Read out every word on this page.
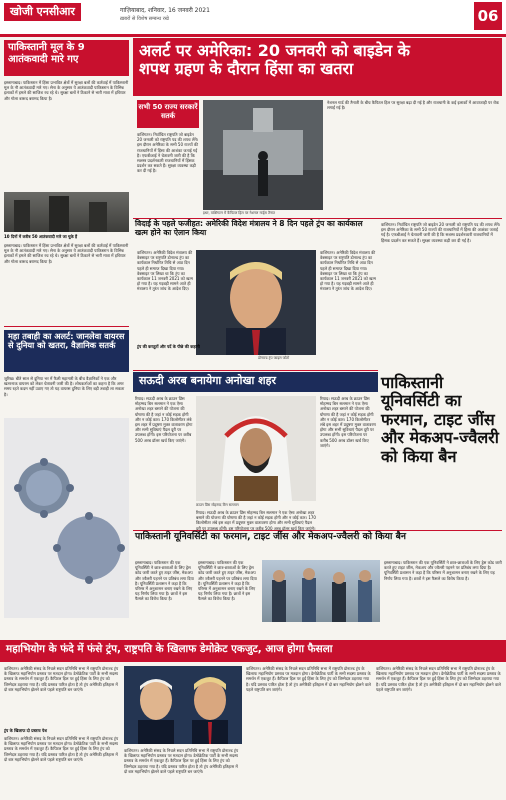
खोजी एनसीआर	गाज़ियाबाद, शनिवार, 16 जनवरी 2021
ख़बरों से विशेष सम्बन्ध रखे	06
पाकिस्तानी मूल के 9 आतंकवादी मारे गए
इस्लामाबाद। पाकिस्तान में हिंसा प्रभावित क्षेत्रों में सुरक्षा बलों की कार्रवाई में पाकिस्तानी मूल के नौ आतंकवादी मारे गए। सेना के अनुसार ये आतंकवादी पाकिस्तान के विभिन्न इलाकों में हमले की साजिश रच रहे थे। सुरक्षा बलों ने ठिकाने से भारी मात्रा में हथियार और गोला बारूद बरामद किया है।
10 दिनों में करीब 50 आतंकवादी मारे जा चुके हैं
इस्लामाबाद। पाकिस्तान में हिंसा प्रभावित क्षेत्रों में सुरक्षा बलों की कार्रवाई में पाकिस्तानी मूल के नौ आतंकवादी मारे गए। सेना के अनुसार ये आतंकवादी पाकिस्तान के विभिन्न इलाकों में हमले की साजिश रच रहे थे। सुरक्षा बलों ने ठिकाने से भारी मात्रा में हथियार और गोला बारूद बरामद किया है।
महा तबाही का अलर्ट: जानलेवा वायरस से दुनिया को खतरा, वैज्ञानिक सतर्क
जुरिख। बीते साल से दुनिया भर में फैली महामारी के बीच वैज्ञानिकों ने एक और खतरनाक वायरस को लेकर चेतावनी जारी की है। शोधकर्ताओं का कहना है कि अगर समय रहते कदम नहीं उठाए गए तो यह वायरस दुनिया के लिए बड़ी तबाही ला सकता है।
अलर्ट पर अमेरिका: 20 जनवरी को बाइडेन के
शपथ ग्रहण के दौरान हिंसा का खतरा
सभी 50 राज्य सरकारें सतर्क
वाशिंगटन। निर्वाचित राष्ट्रपति जो बाइडेन 20 जनवरी को राष्ट्रपति पद की शपथ लेंगे। इस दौरान अमेरिका के सभी 50 राज्यों की राजधानियों में हिंसा की आशंका जताई गई है। एफबीआई ने चेतावनी जारी की है कि सशस्त्र प्रदर्शनकारी राजधानियों में हिंसक प्रदर्शन कर सकते हैं। सुरक्षा व्यवस्था कड़ी कर दी गई है।
इधर, वाशिंगटन में कैपिटल हिल पर नेशनल गार्ड्स तैनात
नेशनल गार्ड की तैनाती के बीच कैपिटल हिल पर सुरक्षा बढ़ा दी गई है और राजधानी के कई इलाकों में आवाजाही पर रोक लगाई गई है।
विदाई के पहले फजीहत: अमेरिकी विदेश मंत्रालय ने 8 दिन पहले ट्रंप का कार्यकाल खत्म होने का ऐलान किया
वाशिंगटन। अमेरिकी विदेश मंत्रालय की वेबसाइट पर राष्ट्रपति डोनाल्ड ट्रंप का कार्यकाल निर्धारित तिथि से आठ दिन पहले ही समाप्त दिखा दिया गया। वेबसाइट पर लिखा था कि ट्रंप का कार्यकाल 11 जनवरी 2021 को खत्म हो गया है। यह गड़बड़ी सामने आते ही मंत्रालय ने तुरंत जांच के आदेश दिए।
डोनाल्ड ट्रंप फाइल फोटो
वाशिंगटन। अमेरिकी विदेश मंत्रालय की वेबसाइट पर राष्ट्रपति डोनाल्ड ट्रंप का कार्यकाल निर्धारित तिथि से आठ दिन पहले ही समाप्त दिखा दिया गया। वेबसाइट पर लिखा था कि ट्रंप का कार्यकाल 11 जनवरी 2021 को खत्म हो गया है। यह गड़बड़ी सामने आते ही मंत्रालय ने तुरंत जांच के आदेश दिए।
ट्रंप की करतूतों और पर्दे के पीछे की कहानी
वाशिंगटन। निर्वाचित राष्ट्रपति जो बाइडेन 20 जनवरी को राष्ट्रपति पद की शपथ लेंगे। इस दौरान अमेरिका के सभी 50 राज्यों की राजधानियों में हिंसा की आशंका जताई गई है। एफबीआई ने चेतावनी जारी की है कि सशस्त्र प्रदर्शनकारी राजधानियों में हिंसक प्रदर्शन कर सकते हैं। सुरक्षा व्यवस्था कड़ी कर दी गई है।
सऊदी अरब बनायेगा अनोखा शहर
रियाद। सऊदी अरब के क्राउन प्रिंस मोहम्मद बिन सलमान ने एक ऐसा अनोखा शहर बसाने की योजना की घोषणा की है जहां न कोई सड़क होगी और न कोई कार। 170 किलोमीटर लंबे इस शहर में प्रदूषण मुक्त वातावरण होगा और सभी सुविधाएं पैदल दूरी पर उपलब्ध होंगी। इस परियोजना पर करीब 500 अरब डॉलर खर्च किए जाएंगे।
क्राउन प्रिंस मोहम्मद बिन सलमान
रियाद। सऊदी अरब के क्राउन प्रिंस मोहम्मद बिन सलमान ने एक ऐसा अनोखा शहर बसाने की योजना की घोषणा की है जहां न कोई सड़क होगी और न कोई कार। 170 किलोमीटर लंबे इस शहर में प्रदूषण मुक्त वातावरण होगा और सभी सुविधाएं पैदल दूरी पर उपलब्ध होंगी। इस परियोजना पर करीब 500 अरब डॉलर खर्च किए जाएंगे।
रियाद। सऊदी अरब के क्राउन प्रिंस मोहम्मद बिन सलमान ने एक ऐसा अनोखा शहर बसाने की योजना की घोषणा की है जहां न कोई सड़क होगी और न कोई कार। 170 किलोमीटर लंबे इस शहर में प्रदूषण मुक्त वातावरण होगा और सभी सुविधाएं पैदल दूरी पर उपलब्ध होंगी। इस परियोजना पर करीब 500 अरब डॉलर खर्च किए जाएंगे।
पाकिस्तानी यूनिवर्सिटी का फरमान, टाइट जींस और मेकअप-ज्वैलरी को किया बैन
पाकिस्तानी यूनिवर्सिटी का फरमान, टाइट जींस और मेकअप-ज्वैलरी को किया बैन
इस्लामाबाद। पाकिस्तान की एक यूनिवर्सिटी ने छात्र-छात्राओं के लिए ड्रेस कोड जारी करते हुए टाइट जींस, मेकअप और ज्वैलरी पहनने पर प्रतिबंध लगा दिया है। यूनिवर्सिटी प्रशासन ने कहा है कि परिसर में अनुशासन बनाए रखने के लिए यह निर्णय लिया गया है। छात्रों ने इस फैसले का विरोध किया है।
इस्लामाबाद। पाकिस्तान की एक यूनिवर्सिटी ने छात्र-छात्राओं के लिए ड्रेस कोड जारी करते हुए टाइट जींस, मेकअप और ज्वैलरी पहनने पर प्रतिबंध लगा दिया है। यूनिवर्सिटी प्रशासन ने कहा है कि परिसर में अनुशासन बनाए रखने के लिए यह निर्णय लिया गया है। छात्रों ने इस फैसले का विरोध किया है।
इस्लामाबाद। पाकिस्तान की एक यूनिवर्सिटी ने छात्र-छात्राओं के लिए ड्रेस कोड जारी करते हुए टाइट जींस, मेकअप और ज्वैलरी पहनने पर प्रतिबंध लगा दिया है। यूनिवर्सिटी प्रशासन ने कहा है कि परिसर में अनुशासन बनाए रखने के लिए यह निर्णय लिया गया है। छात्रों ने इस फैसले का विरोध किया है।
महाभियोग के फंदे में फंसे ट्रंप, राष्ट्रपति के खिलाफ डेमोक्रेट एकजुट, आज होगा फैसला
वाशिंगटन। अमेरिकी संसद के निचले सदन प्रतिनिधि सभा में राष्ट्रपति डोनाल्ड ट्रंप के खिलाफ महाभियोग प्रस्ताव पर मतदान होगा। डेमोक्रेटिक पार्टी के सभी सदस्य प्रस्ताव के समर्थन में एकजुट हैं। कैपिटल हिल पर हुई हिंसा के लिए ट्रंप को जिम्मेदार ठहराया गया है। यदि प्रस्ताव पारित होता है तो ट्रंप अमेरिकी इतिहास में दो बार महाभियोग झेलने वाले पहले राष्ट्रपति बन जाएंगे।
ट्रंप के खिलाफ दो प्रस्ताव पेश
वाशिंगटन। अमेरिकी संसद के निचले सदन प्रतिनिधि सभा में राष्ट्रपति डोनाल्ड ट्रंप के खिलाफ महाभियोग प्रस्ताव पर मतदान होगा। डेमोक्रेटिक पार्टी के सभी सदस्य प्रस्ताव के समर्थन में एकजुट हैं। कैपिटल हिल पर हुई हिंसा के लिए ट्रंप को जिम्मेदार ठहराया गया है। यदि प्रस्ताव पारित होता है तो ट्रंप अमेरिकी इतिहास में दो बार महाभियोग झेलने वाले पहले राष्ट्रपति बन जाएंगे।
वाशिंगटन। अमेरिकी संसद के निचले सदन प्रतिनिधि सभा में राष्ट्रपति डोनाल्ड ट्रंप के खिलाफ महाभियोग प्रस्ताव पर मतदान होगा। डेमोक्रेटिक पार्टी के सभी सदस्य प्रस्ताव के समर्थन में एकजुट हैं। कैपिटल हिल पर हुई हिंसा के लिए ट्रंप को जिम्मेदार ठहराया गया है। यदि प्रस्ताव पारित होता है तो ट्रंप अमेरिकी इतिहास में दो बार महाभियोग झेलने वाले पहले राष्ट्रपति बन जाएंगे।
वाशिंगटन। अमेरिकी संसद के निचले सदन प्रतिनिधि सभा में राष्ट्रपति डोनाल्ड ट्रंप के खिलाफ महाभियोग प्रस्ताव पर मतदान होगा। डेमोक्रेटिक पार्टी के सभी सदस्य प्रस्ताव के समर्थन में एकजुट हैं। कैपिटल हिल पर हुई हिंसा के लिए ट्रंप को जिम्मेदार ठहराया गया है। यदि प्रस्ताव पारित होता है तो ट्रंप अमेरिकी इतिहास में दो बार महाभियोग झेलने वाले पहले राष्ट्रपति बन जाएंगे।
वाशिंगटन। अमेरिकी संसद के निचले सदन प्रतिनिधि सभा में राष्ट्रपति डोनाल्ड ट्रंप के खिलाफ महाभियोग प्रस्ताव पर मतदान होगा। डेमोक्रेटिक पार्टी के सभी सदस्य प्रस्ताव के समर्थन में एकजुट हैं। कैपिटल हिल पर हुई हिंसा के लिए ट्रंप को जिम्मेदार ठहराया गया है। यदि प्रस्ताव पारित होता है तो ट्रंप अमेरिकी इतिहास में दो बार महाभियोग झेलने वाले पहले राष्ट्रपति बन जाएंगे।
